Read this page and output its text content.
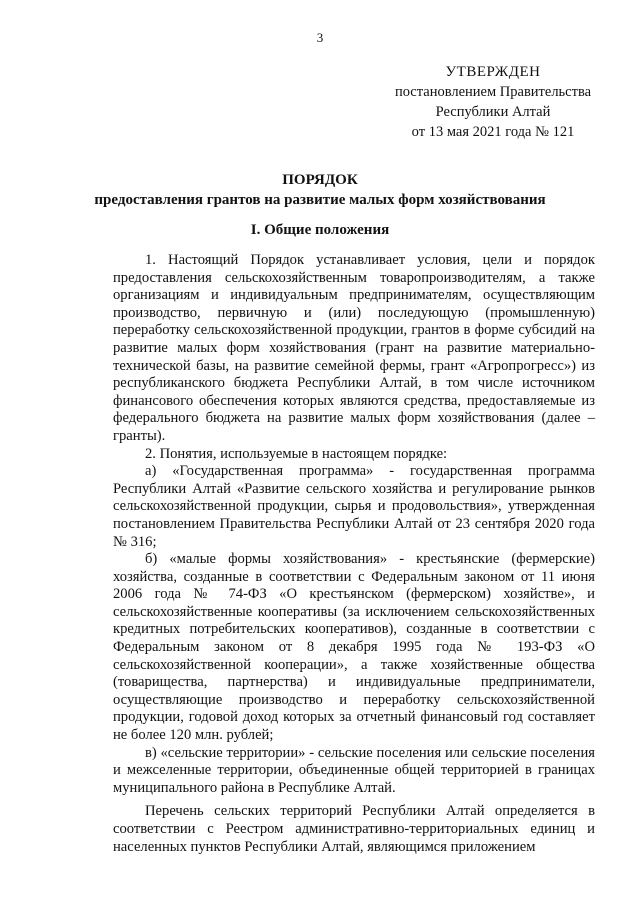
3
УТВЕРЖДЕН
постановлением Правительства
Республики Алтай
от 13 мая 2021 года № 121
ПОРЯДОК
предоставления грантов на развитие малых форм хозяйствования
I. Общие положения

1. Настоящий Порядок устанавливает условия, цели и порядок предоставления сельскохозяйственным товаропроизводителям, а также организациям и индивидуальным предпринимателям, осуществляющим производство, первичную и (или) последующую (промышленную) переработку сельскохозяйственной продукции, грантов в форме субсидий на развитие малых форм хозяйствования (грант на развитие материально-технической базы, на развитие семейной фермы, грант «Агропрогресс») из республиканского бюджета Республики Алтай, в том числе источником финансового обеспечения которых являются средства, предоставляемые из федерального бюджета на развитие малых форм хозяйствования (далее – гранты).

2. Понятия, используемые в настоящем порядке:

а) «Государственная программа» - государственная программа Республики Алтай «Развитие сельского хозяйства и регулирование рынков сельскохозяйственной продукции, сырья и продовольствия», утвержденная постановлением Правительства Республики Алтай от 23 сентября 2020 года № 316;

б) «малые формы хозяйствования» - крестьянские (фермерские) хозяйства, созданные в соответствии с Федеральным законом от 11 июня 2006 года № 74-ФЗ «О крестьянском (фермерском) хозяйстве», и сельскохозяйственные кооперативы (за исключением сельскохозяйственных кредитных потребительских кооперативов), созданные в соответствии с Федеральным законом от 8 декабря 1995 года № 193-ФЗ «О сельскохозяйственной кооперации», а также хозяйственные общества (товарищества, партнерства) и индивидуальные предприниматели, осуществляющие производство и переработку сельскохозяйственной продукции, годовой доход которых за отчетный финансовый год составляет не более 120 млн. рублей;

в) «сельские территории» - сельские поселения или сельские поселения и межселенные территории, объединенные общей территорией в границах муниципального района в Республике Алтай.

Перечень сельских территорий Республики Алтай определяется в соответствии с Реестром административно-территориальных единиц и населенных пунктов Республики Алтай, являющимся приложением
